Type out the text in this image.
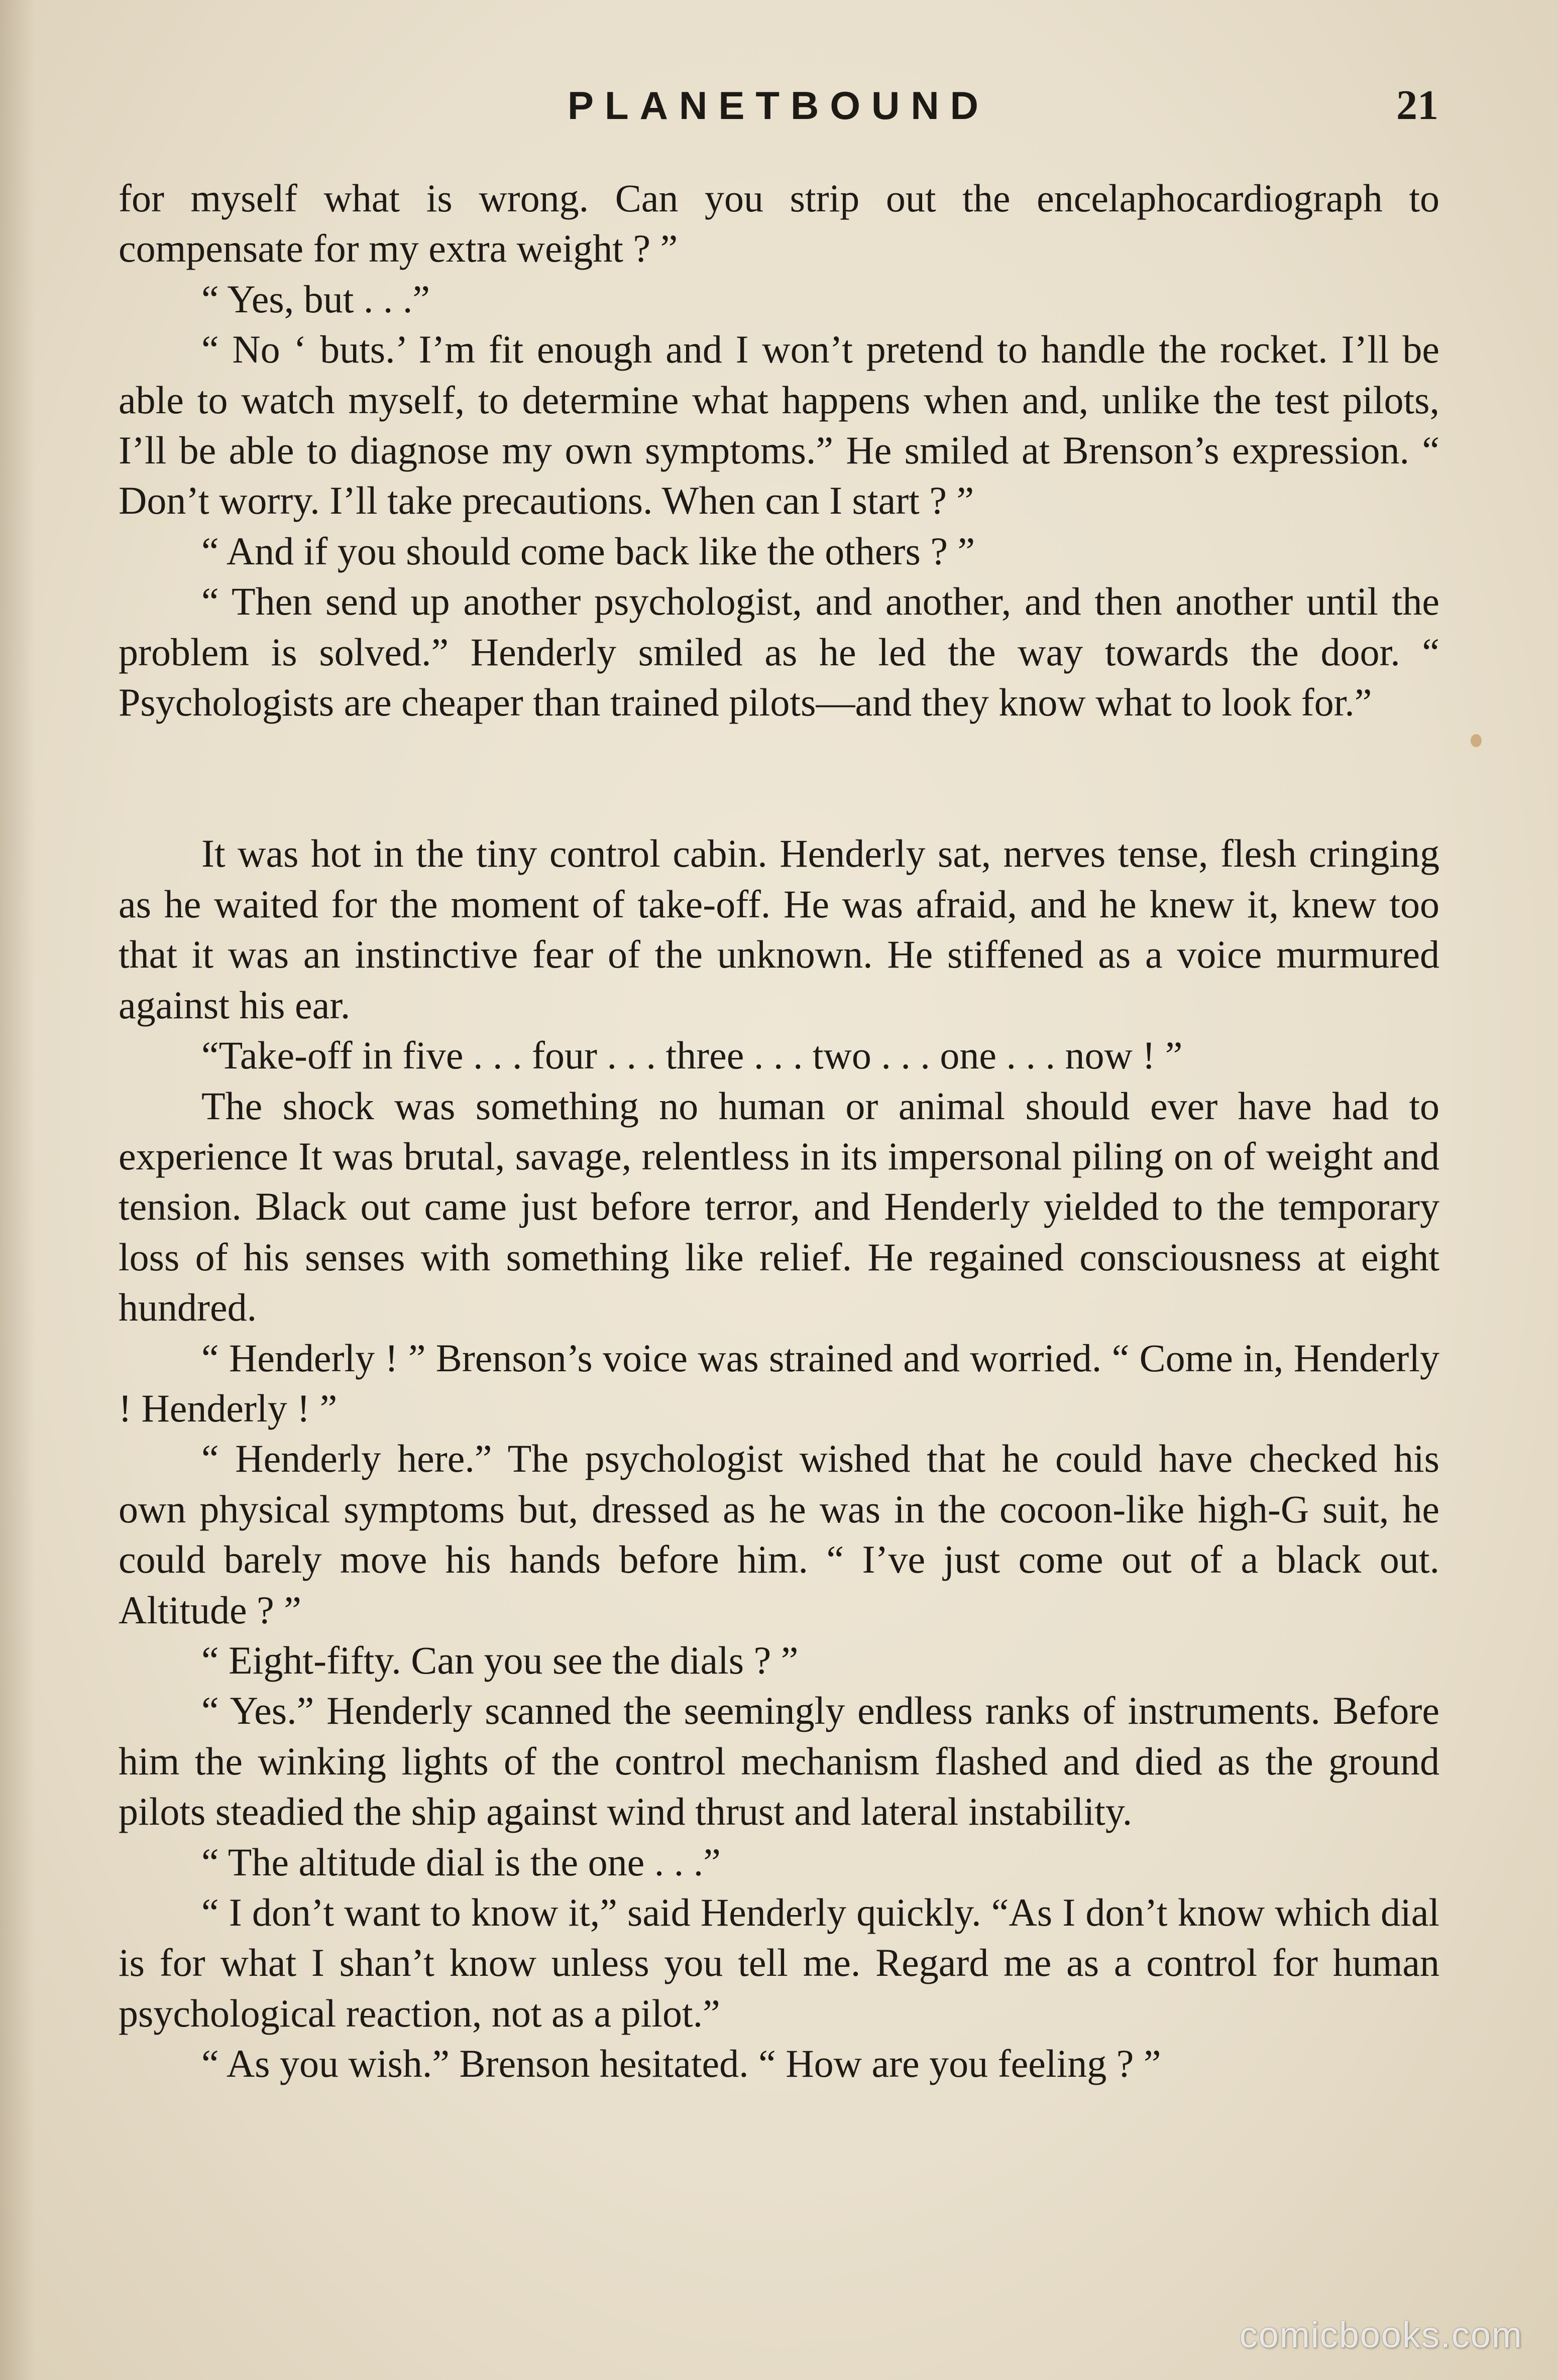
PLANETBOUND	21

for myself what is wrong. Can you strip out the encelaphocardiograph to compensate for my extra weight ? ”

“ Yes, but . . .”

“ No ‘ buts.’ I’m fit enough and I won’t pretend to handle the rocket. I’ll be able to watch myself, to determine what happens when and, unlike the test pilots, I’ll be able to diagnose my own symptoms.” He smiled at Brenson’s expression. “ Don’t worry. I’ll take precautions. When can I start ? ”

“ And if you should come back like the others ? ”

“ Then send up another psychologist, and another, and then another until the problem is solved.” Henderly smiled as he led the way towards the door. “ Psychologists are cheaper than trained pilots—and they know what to look for.”

It was hot in the tiny control cabin. Henderly sat, nerves tense, flesh cringing as he waited for the moment of take-off. He was afraid, and he knew it, knew too that it was an instinctive fear of the unknown. He stiffened as a voice murmured against his ear.

“Take-off in five . . . four . . . three . . . two . . . one . . . now ! ”

The shock was something no human or animal should ever have had to experience It was brutal, savage, relentless in its impersonal piling on of weight and tension. Black out came just before terror, and Henderly yielded to the temporary loss of his senses with something like relief. He regained consciousness at eight hundred.

“ Henderly ! ” Brenson’s voice was strained and worried. “ Come in, Henderly ! Henderly ! ”

“ Henderly here.” The psychologist wished that he could have checked his own physical symptoms but, dressed as he was in the cocoon-like high-G suit, he could barely move his hands before him. “ I’ve just come out of a black out. Altitude ? ”

“ Eight-fifty. Can you see the dials ? ”

“ Yes.” Henderly scanned the seemingly endless ranks of instruments. Before him the winking lights of the control mechanism flashed and died as the ground pilots steadied the ship against wind thrust and lateral instability.

“ The altitude dial is the one . . .”

“ I don’t want to know it,” said Henderly quickly. “As I don’t know which dial is for what I shan’t know unless you tell me. Regard me as a control for human psychological reaction, not as a pilot.”

“ As you wish.” Brenson hesitated. “ How are you feeling ? ”

comicbooks.com
